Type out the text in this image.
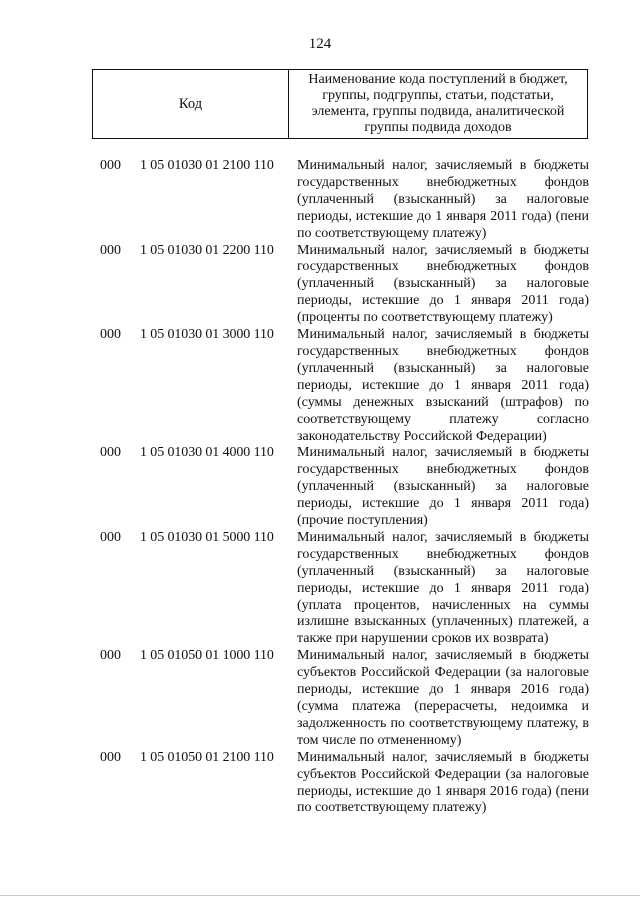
124
Код
Наименование кода поступлений в бюджет, группы, подгруппы, статьи, подстатьи, элемента, группы подвида, аналитической группы подвида доходов
000	1 05 01030 01 2100 110	Минимальный налог, зачисляемый в бюджеты государственных внебюджетных фондов (уплаченный (взысканный) за налоговые периоды, истекшие до 1 января 2011 года) (пени по соответствующему платежу)
000	1 05 01030 01 2200 110	Минимальный налог, зачисляемый в бюджеты государственных внебюджетных фондов (уплаченный (взысканный) за налоговые периоды, истекшие до 1 января 2011 года) (проценты по соответствующему платежу)
000	1 05 01030 01 3000 110	Минимальный налог, зачисляемый в бюджеты государственных внебюджетных фондов (уплаченный (взысканный) за налоговые периоды, истекшие до 1 января 2011 года) (суммы денежных взысканий (штрафов) по соответствующему платежу согласно законодательству Российской Федерации)
000	1 05 01030 01 4000 110	Минимальный налог, зачисляемый в бюджеты государственных внебюджетных фондов (уплаченный (взысканный) за налоговые периоды, истекшие до 1 января 2011 года) (прочие поступления)
000	1 05 01030 01 5000 110	Минимальный налог, зачисляемый в бюджеты государственных внебюджетных фондов (уплаченный (взысканный) за налоговые периоды, истекшие до 1 января 2011 года) (уплата процентов, начисленных на суммы излишне взысканных (уплаченных) платежей, а также при нарушении сроков их возврата)
000	1 05 01050 01 1000 110	Минимальный налог, зачисляемый в бюджеты субъектов Российской Федерации (за налоговые периоды, истекшие до 1 января 2016 года) (сумма платежа (перерасчеты, недоимка и задолженность по соответствующему платежу, в том числе по отмененному)
000	1 05 01050 01 2100 110	Минимальный налог, зачисляемый в бюджеты субъектов Российской Федерации (за налоговые периоды, истекшие до 1 января 2016 года) (пени по соответствующему платежу)
